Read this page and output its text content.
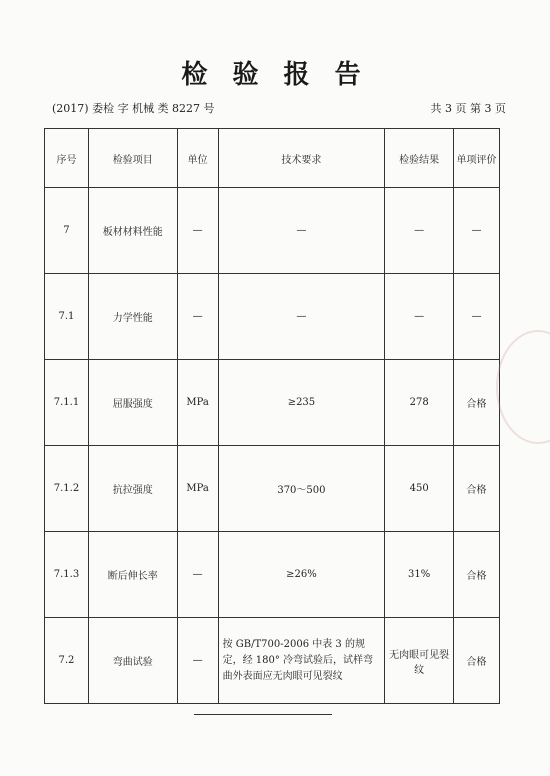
检 验 报 告
(2017) 委检 字 机械 类 8227 号	共 3 页 第 3 页
序号	检验项目	单位	技术要求	检验结果	单项评价
7	板材材料性能	—	—	—	—
7.1	力学性能	—	—	—	—
7.1.1	屈服强度	MPa	≥235	278	合格
7.1.2	抗拉强度	MPa	370～500	450	合格
7.1.3	断后伸长率	—	≥26%	31%	合格
7.2	弯曲试验	—	按 GB/T700-2006 中表 3 的规定，经 180° 冷弯试验后，试样弯曲外表面应无肉眼可见裂纹	无肉眼可见裂纹	合格
